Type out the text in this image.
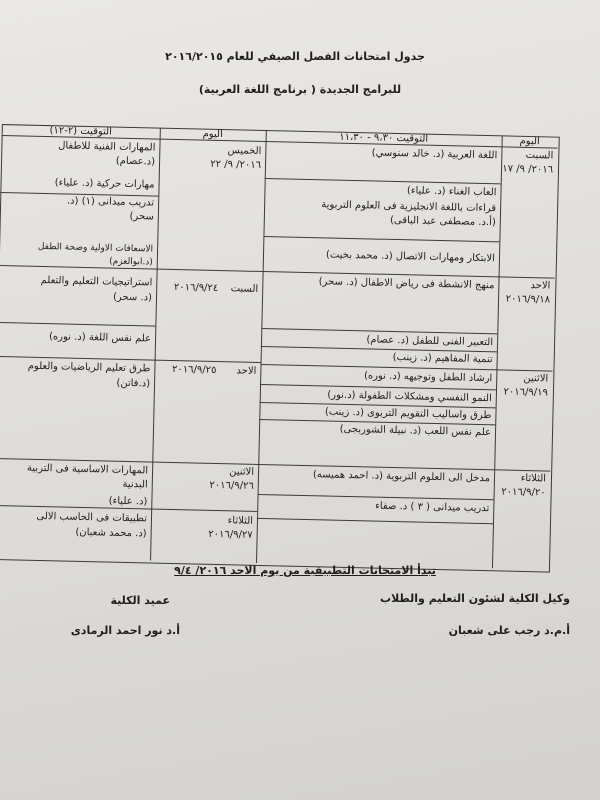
جدول امتحانات الفصل الصيفي للعام ٢٠١٦/٢٠١٥
للبرامج الجديدة ( برنامج اللغة العربية)
اليوم
التوقيت ٩،٣٠ - ١١،٣٠
اليوم
التوقيت (٢-١٢)
السبت
٢٠١٦/ ٩/ ١٧
الاحد
٢٠١٦/٩/١٨
الاثنين
٢٠١٦/٩/١٩
الثلاثاء
٢٠١٦/٩/٢٠
اللغة العربية (د. خالد سنوسي)
العاب الغناء (د. علياء)
قراءات باللغة الانجليزية فى العلوم التربوية
(أ.د. مصطفى عبد الباقى)
الابتكار ومهارات الاتصال (د. محمد بخيت)
منهج الانشطة فى رياض الاطفال (د. سحر)
التعبير الفنى للطفل (د. عصام)
تنمية المفاهيم (د. زينب)
ارشاد الطفل وتوجيهه (د. نوره)
النمو النفسي ومشكلات الطفولة (د.نور)
طرق واساليب التقويم التربوى (د. زينب)
علم نفس اللعب (د. نبيلة الشوربجى)
مدخل الى العلوم التربوية (د. احمد همیسه)
تدريب ميدانى ( ٣ ) د. صفاء
الخميس
٢٠١٦/ ٩/ ٢٢
السبت
٢٠١٦/٩/٢٤
الاحد
٢٠١٦/٩/٢٥
الاثنين
٢٠١٦/٩/٢٦
الثلاثاء
٢٠١٦/٩/٢٧
المهارات الفنية للاطفال
(د.عصام)
مهارات حركية (د. علياء)
تدريب ميدانى (١) (د.
سحر)
الاسعافات الاولية وصحة الطفل
(د.ابوالعزم)
استراتيجيات التعليم والتعلم
(د. سحر)
علم نفس اللغة (د. نوره)
طرق تعليم الرياضيات والعلوم
(د.فاتن)
المهارات الاساسية فى التربية
البدنية
(د. علياء)
تطبيقات فى الحاسب الالى
(د. محمد شعبان)
تبدأ الامتحانات التطبيقية من يوم الاحد ٢٠١٦/ ٩/٤
وكيل الكلية لشئون التعليم والطلاب
أ.م.د رجب على شعبان
عميد الكلية
أ.د نور احمد الرمادى
